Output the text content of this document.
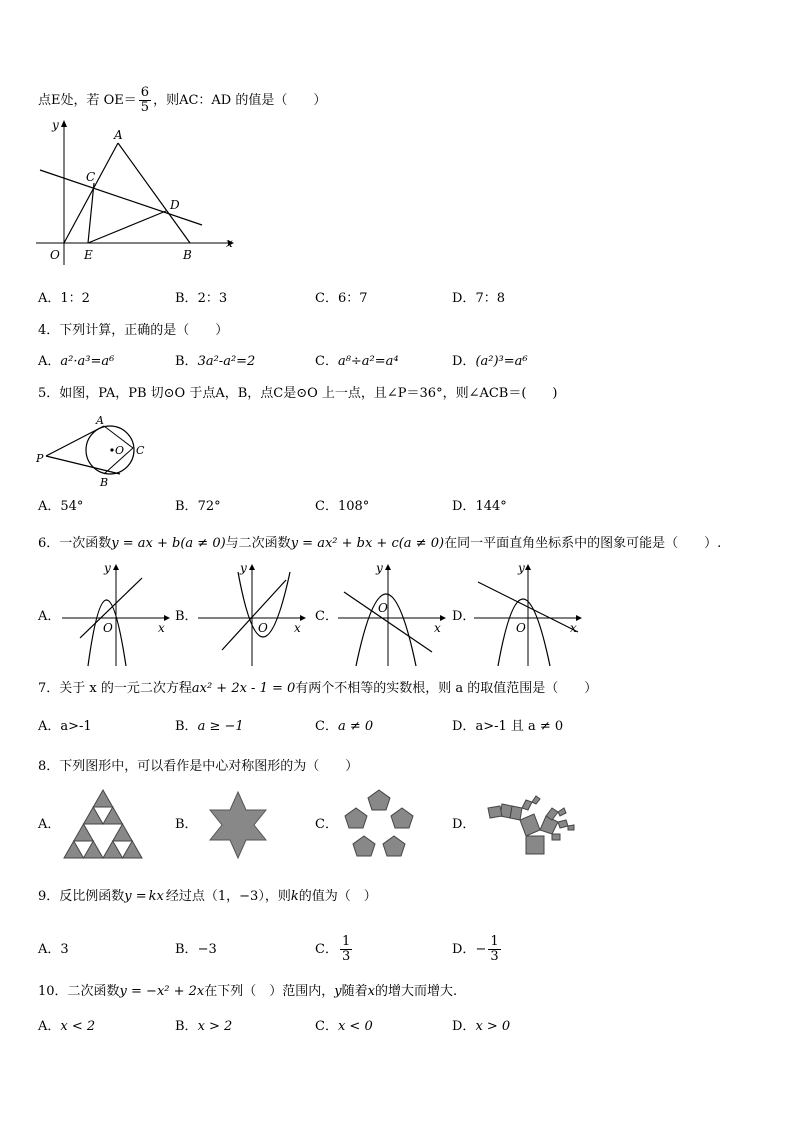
点E处，若 $OE= \frac{6}{5}$ ，则AC：AD 的值是（　　）
y
x
A
C
D
O E	B
A．1：2	B．2：3	C．6：7	D．7：8
4．下列计算，正确的是（　　）
A．a²·a³=a⁶	B．3a²-a²=2	C．a⁸÷a²=a⁴	D．(a²)³=a⁶
5．如图，PA，PB 切⊙O 于点A，B，点C是⊙O 上一点，且∠P＝36°，则∠ACB＝(　　)
A
P
O C
B
A．54°	B．72°	C．108°	D．144°
6．一次函数y = ax + b(a ≠ 0)与二次函数y = ax² + bx + c(a ≠ 0)在同一平面直角坐标系中的图象可能是（　　）.
A．
y
x
O
B．
y
x
O
C．
y
x
O
D．
y
x
O
7．关于 x 的一元二次方程ax² + 2x - 1 = 0有两个不相等的实数根，则 a 的取值范围是（　　）
A．a>-1	B．a ≥ −1	C．a ≠ 0	D．a>-1 且 a ≠ 0
8．下列图形中，可以看作是中心对称图形的为（　　）
A．	B．	C．	D．
9．反比例函数y = kx 经过点（1，−3），则k的值为（　）
A．3	B．−3	C． $\frac{1}{3}$	D．− $\frac{1}{3}$
10．二次函数y = −x² + 2x在下列（　）范围内，y随着x的增大而增大.
A．x < 2	B．x > 2	C．x < 0	D．x > 0
